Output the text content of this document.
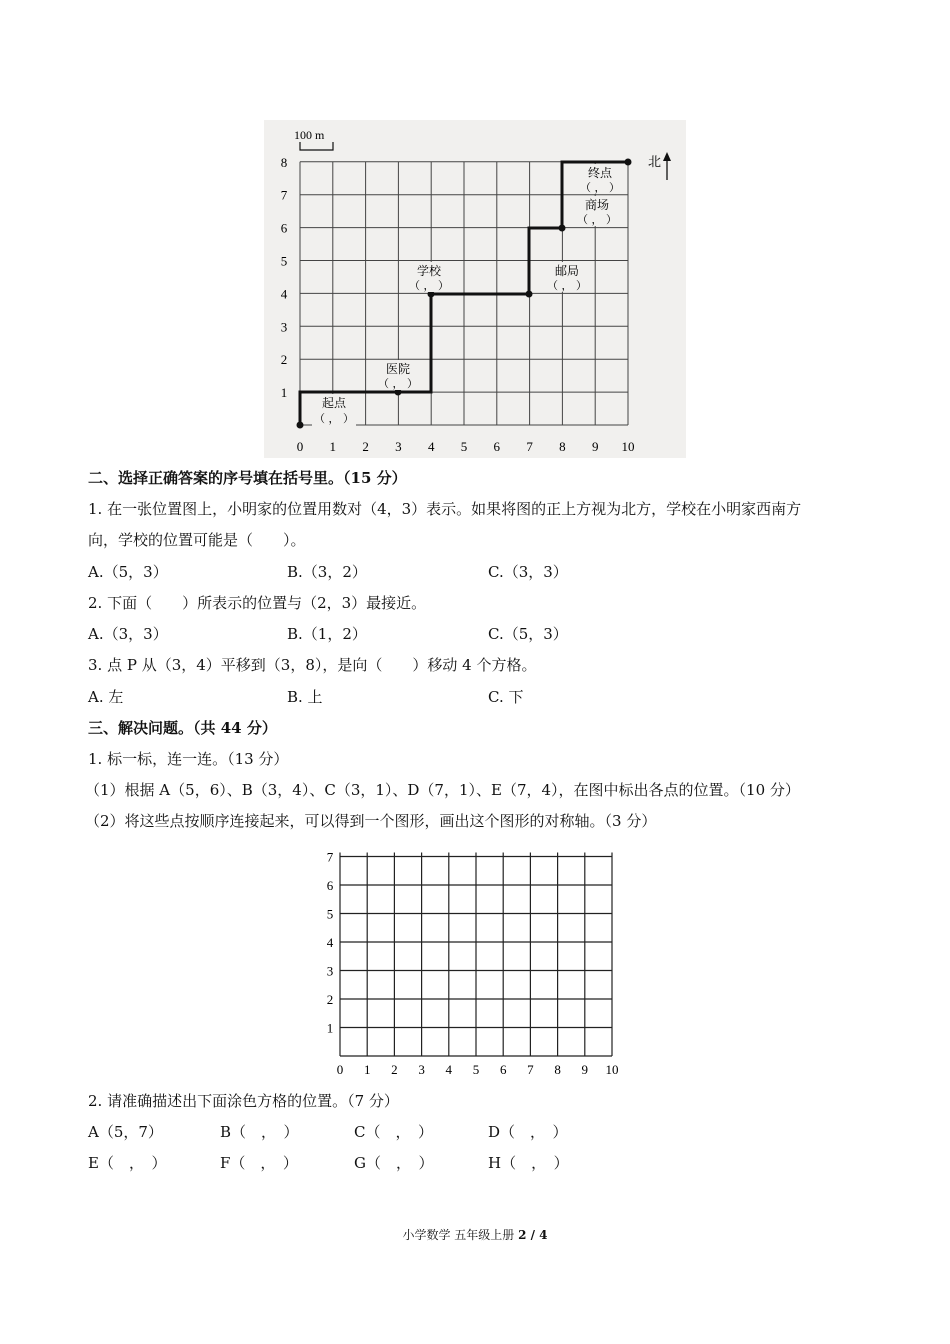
0 1 2 3 4 5 6 7 8 9 10
1
2
3
4
5
6
7
8
100 m
北
起点
（ ， ）
医院
（ ， ）
学校
（ ， ）
邮局
（ ， ）
商场
（ ， ）
终点
（ ， ）
二、选择正确答案的序号填在括号里。（15 分）
1. 在一张位置图上，小明家的位置用数对（4，3）表示。如果将图的正上方视为北方，学校在小明家西南方
向，学校的位置可能是（　　）。
A.（5，3）	B.（3，2）	C.（3，3）
2. 下面（　　）所表示的位置与（2，3）最接近。
A.（3，3）	B.（1，2）	C.（5，3）
3. 点 P 从（3，4）平移到（3，8），是向（　　）移动 4 个方格。
A. 左	B. 上	C. 下
三、解决问题。（共 44 分）
1. 标一标，连一连。（13 分）
（1）根据 A（5，6）、B（3，4）、C（3，1）、D（7，1）、E（7，4），在图中标出各点的位置。（10 分）
（2）将这些点按顺序连接起来，可以得到一个图形，画出这个图形的对称轴。（3 分）
0 1 2 3 4 5 6 7 8 9 10
1
2
3
4
5
6
7
2. 请准确描述出下面涂色方格的位置。（7 分）
A（5，7）	B（　，　）	C（　，　）	D（　，　）
E（　，　）	F（　，　）	G（　，　）	H（　，　）
小学数学 五年级上册 2 / 4
